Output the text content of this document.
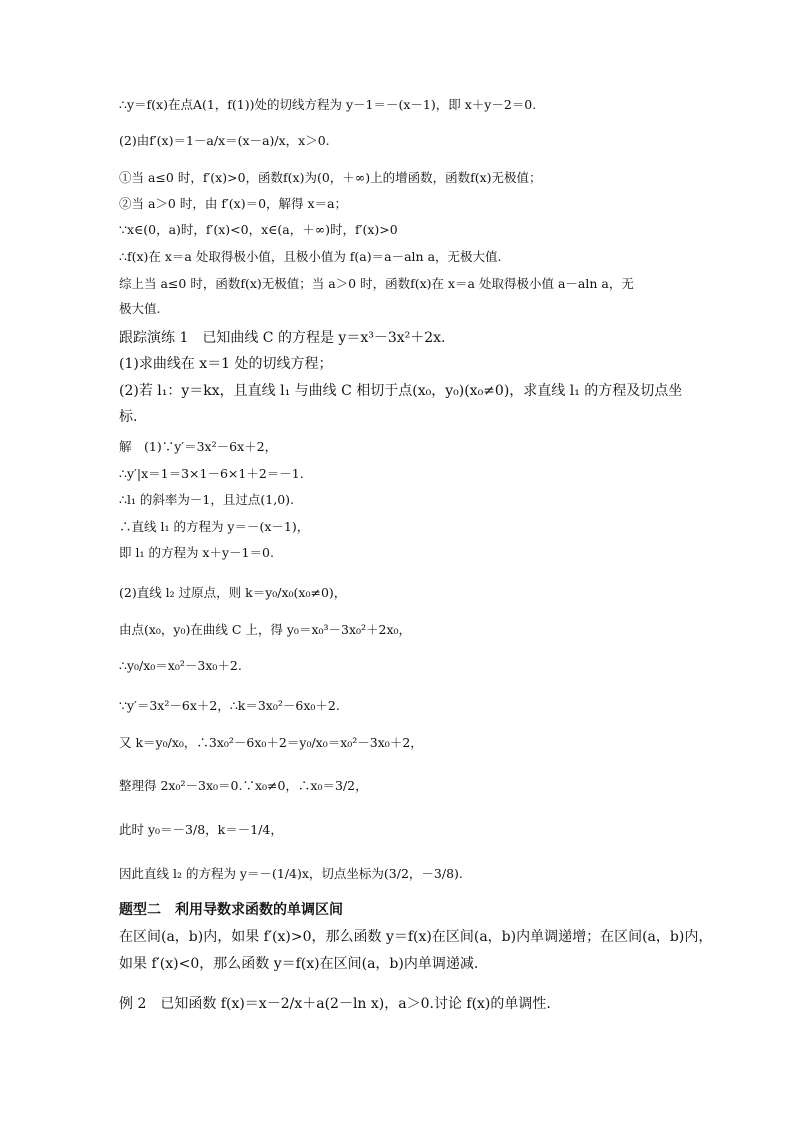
∴y＝f(x)在点A(1，f(1))处的切线方程为 y－1＝－(x－1)，即 x＋y－2＝0.
(2)由f′(x)＝1－a/x＝(x－a)/x，x＞0.
①当 a≤0 时，f′(x)>0，函数f(x)为(0，＋∞)上的增函数，函数f(x)无极值；
②当 a＞0 时，由 f′(x)＝0，解得 x＝a；
∵x∈(0，a)时，f′(x)<0，x∈(a，＋∞)时，f′(x)>0
∴f(x)在 x＝a 处取得极小值，且极小值为 f(a)＝a－aln a，无极大值.
综上当 a≤0 时，函数f(x)无极值；当 a＞0 时，函数f(x)在 x＝a 处取得极小值 a－aln a，无
极大值.
跟踪演练 1　已知曲线 C 的方程是 y＝x³－3x²＋2x.
(1)求曲线在 x＝1 处的切线方程；
(2)若 l₁：y＝kx，且直线 l₁ 与曲线 C 相切于点(x₀，y₀)(x₀≠0)，求直线 l₁ 的方程及切点坐
标.
解　(1)∵y′＝3x²－6x＋2，
∴y′|x＝1＝3×1－6×1＋2＝－1.
∴l₁ 的斜率为－1，且过点(1,0).
∴直线 l₁ 的方程为 y＝－(x－1)，
即 l₁ 的方程为 x＋y－1＝0.
(2)直线 l₂ 过原点，则 k＝y₀/x₀(x₀≠0)，
由点(x₀，y₀)在曲线 C 上，得 y₀＝x₀³－3x₀²＋2x₀，
∴y₀/x₀＝x₀²－3x₀＋2.
∵y′＝3x²－6x＋2，∴k＝3x₀²－6x₀＋2.
又 k＝y₀/x₀，∴3x₀²－6x₀＋2＝y₀/x₀＝x₀²－3x₀＋2，
整理得 2x₀²－3x₀＝0.∵x₀≠0，∴x₀＝3/2，
此时 y₀＝－3/8，k＝－1/4，
因此直线 l₂ 的方程为 y＝－(1/4)x，切点坐标为(3/2，－3/8).
题型二　利用导数求函数的单调区间
在区间(a，b)内，如果 f′(x)>0，那么函数 y＝f(x)在区间(a，b)内单调递增；在区间(a，b)内，
如果 f′(x)<0，那么函数 y＝f(x)在区间(a，b)内单调递减.
例 2　已知函数 f(x)＝x－2/x＋a(2－ln x)，a＞0.讨论 f(x)的单调性.
